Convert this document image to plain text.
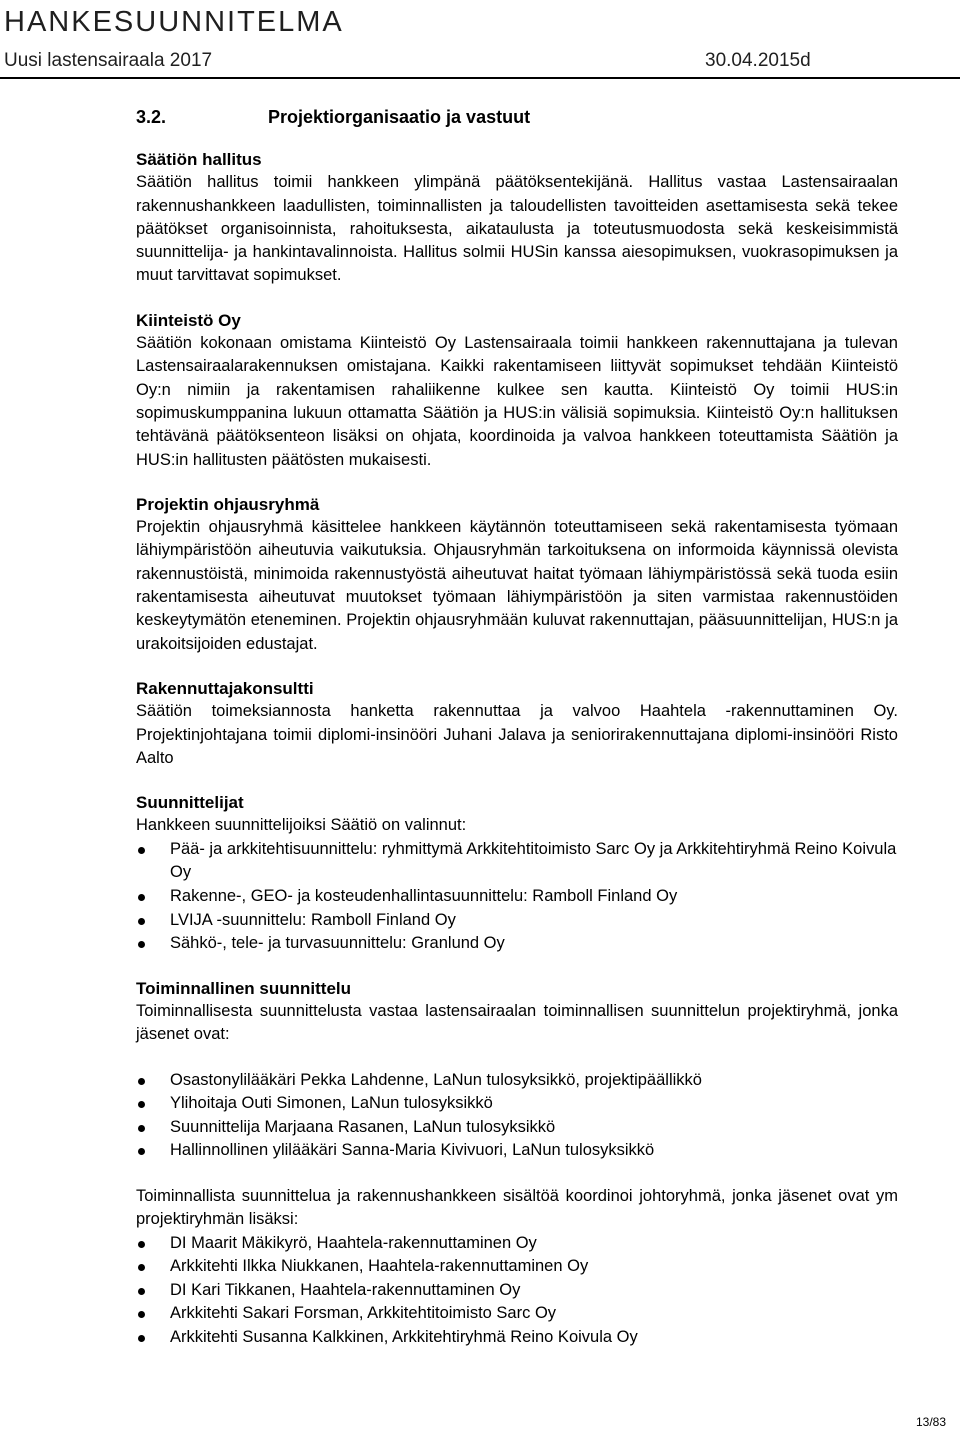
HANKESUUNNITELMA
Uusi lastensairaala 2017	30.04.2015d
3.2.	Projektiorganisaatio ja vastuut
Säätiön hallitus

Säätiön hallitus toimii hankkeen ylimpänä päätöksentekijänä. Hallitus vastaa Lastensairaalan rakennushankkeen laadullisten, toiminnallisten ja taloudellisten tavoitteiden asettamisesta sekä tekee päätökset organisoinnista, rahoituksesta, aikataulusta ja toteutusmuodosta sekä keskeisimmistä suunnittelija- ja hankintavalinnoista. Hallitus solmii HUSin kanssa aiesopimuksen, vuokrasopimuksen ja muut tarvittavat sopimukset.

Kiinteistö Oy

Säätiön kokonaan omistama Kiinteistö Oy Lastensairaala toimii hankkeen rakennuttajana ja tulevan Lastensairaalarakennuksen omistajana. Kaikki rakentamiseen liittyvät sopimukset tehdään Kiinteistö Oy:n nimiin ja rakentamisen rahaliikenne kulkee sen kautta. Kiinteistö Oy toimii HUS:in sopimuskumppanina lukuun ottamatta Säätiön ja HUS:in välisiä sopimuksia. Kiinteistö Oy:n hallituksen tehtävänä päätöksenteon lisäksi on ohjata, koordinoida ja valvoa hankkeen toteuttamista Säätiön ja HUS:in hallitusten päätösten mukaisesti.

Projektin ohjausryhmä

Projektin ohjausryhmä käsittelee hankkeen käytännön toteuttamiseen sekä rakentamisesta työmaan lähiympäristöön aiheutuvia vaikutuksia. Ohjausryhmän tarkoituksena on informoida käynnissä olevista rakennustöistä, minimoida rakennustyöstä aiheutuvat haitat työmaan lähiympäristössä sekä tuoda esiin rakentamisesta aiheutuvat muutokset työmaan lähiympäristöön ja siten varmistaa rakennustöiden keskeytymätön eteneminen. Projektin ohjausryhmään kuluvat rakennuttajan, pääsuunnittelijan, HUS:n ja urakoitsijoiden edustajat.

Rakennuttajakonsultti

Säätiön toimeksiannosta hanketta rakennuttaa ja valvoo Haahtela -rakennuttaminen Oy. Projektinjohtajana toimii diplomi-insinööri Juhani Jalava ja seniorirakennuttajana diplomi-insinööri Risto Aalto

Suunnittelijat

Hankkeen suunnittelijoiksi Säätiö on valinnut:

Pää- ja arkkitehtisuunnittelu: ryhmittymä Arkkitehtitoimisto Sarc Oy ja Arkkitehtiryhmä Reino Koivula Oy
Rakenne-, GEO- ja kosteudenhallintasuunnittelu: Ramboll Finland Oy
LVIJA -suunnittelu: Ramboll Finland Oy
Sähkö-, tele- ja turvasuunnittelu: Granlund Oy
Toiminnallinen suunnittelu

Toiminnallisesta suunnittelusta vastaa lastensairaalan toiminnallisen suunnittelun projektiryhmä, jonka jäsenet ovat:

Osastonylilääkäri Pekka Lahdenne, LaNun tulosyksikkö, projektipäällikkö
Ylihoitaja Outi Simonen, LaNun tulosyksikkö
Suunnittelija Marjaana Rasanen, LaNun tulosyksikkö
Hallinnollinen ylilääkäri Sanna-Maria Kivivuori, LaNun tulosyksikkö

Toiminnallista suunnittelua ja rakennushankkeen sisältöä koordinoi johtoryhmä, jonka jäsenet ovat ym projektiryhmän lisäksi:

DI Maarit Mäkikyrö, Haahtela-rakennuttaminen Oy
Arkkitehti Ilkka Niukkanen, Haahtela-rakennuttaminen Oy
DI Kari Tikkanen, Haahtela-rakennuttaminen Oy
Arkkitehti Sakari Forsman, Arkkitehtitoimisto Sarc Oy
Arkkitehti Susanna Kalkkinen, Arkkitehtiryhmä Reino Koivula Oy
13/83
